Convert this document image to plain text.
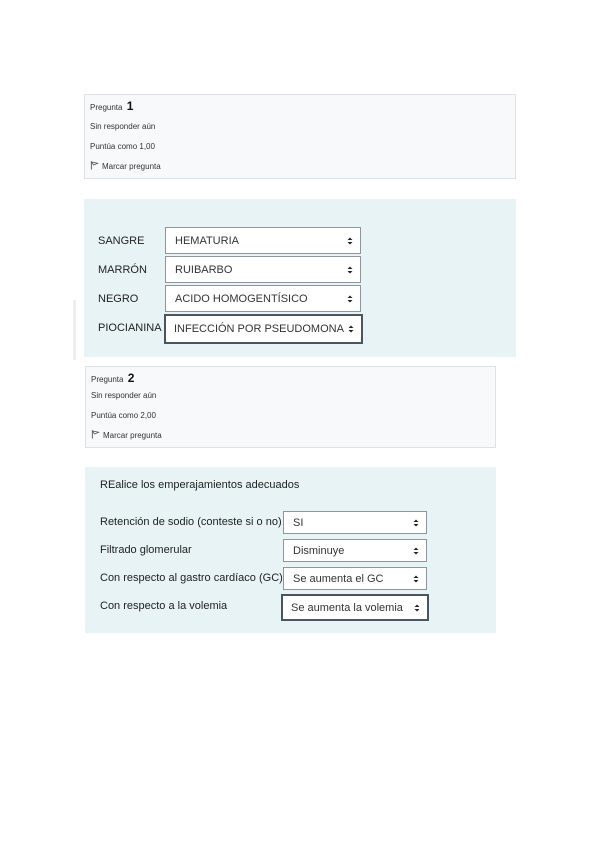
Pregunta 1
Sin responder aún
Puntúa como 1,00
Marcar pregunta
SANGRE	HEMATURIA
MARRÓN	RUIBARBO
NEGRO	ACIDO HOMOGENTÍSICO
PIOCIANINA INFECCIÓN POR PSEUDOMONA
Pregunta 2
Sin responder aún
Puntúa como 2,00
Marcar pregunta
REalice los emperajamientos adecuados
Retención de sodio (conteste si o no) SI
Filtrado glomerular	Disminuye
Con respecto al gastro cardíaco (GC) Se aumenta el GC
Con respecto a la volemia	Se aumenta la volemia
